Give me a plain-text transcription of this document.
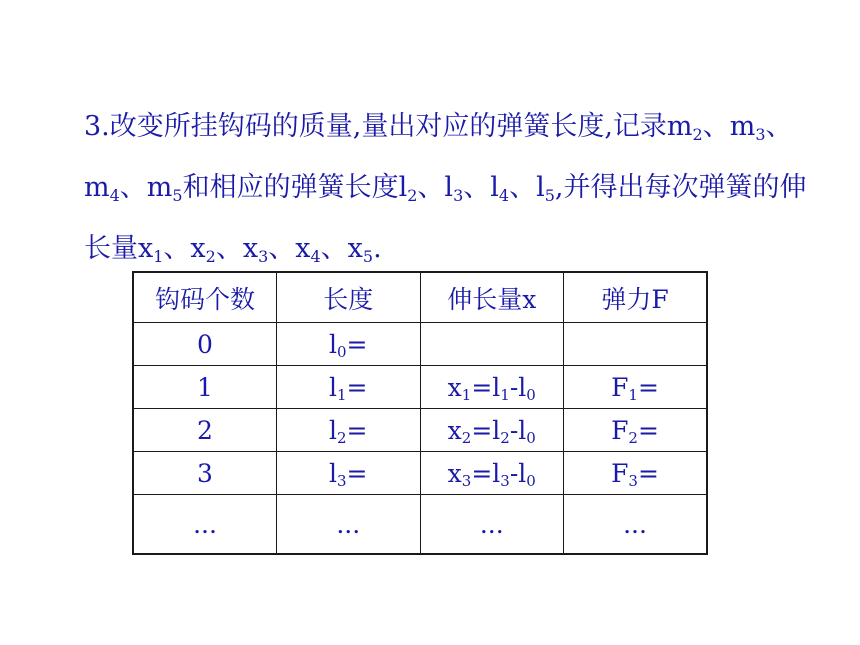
3.改变所挂钩码的质量,量出对应的弹簧长度,记录$m_2$、$m_3$、$m_4$、$m_5$和相应的弹簧长度$l_2$、$l_3$、$l_4$、$l_5$,并得出每次弹簧的伸长量$x_1$、$x_2$、$x_3$、$x_4$、$x_5$.

钩码个数	长度	伸长量x	弹力F
0	$l_0=$		
1	$l_1=$	$x_1=l_1-l_0$	$F_1=$
2	$l_2=$	$x_2=l_2-l_0$	$F_2=$
3	$l_3=$	$x_3=l_3-l_0$	$F_3=$
...	...	...	...
